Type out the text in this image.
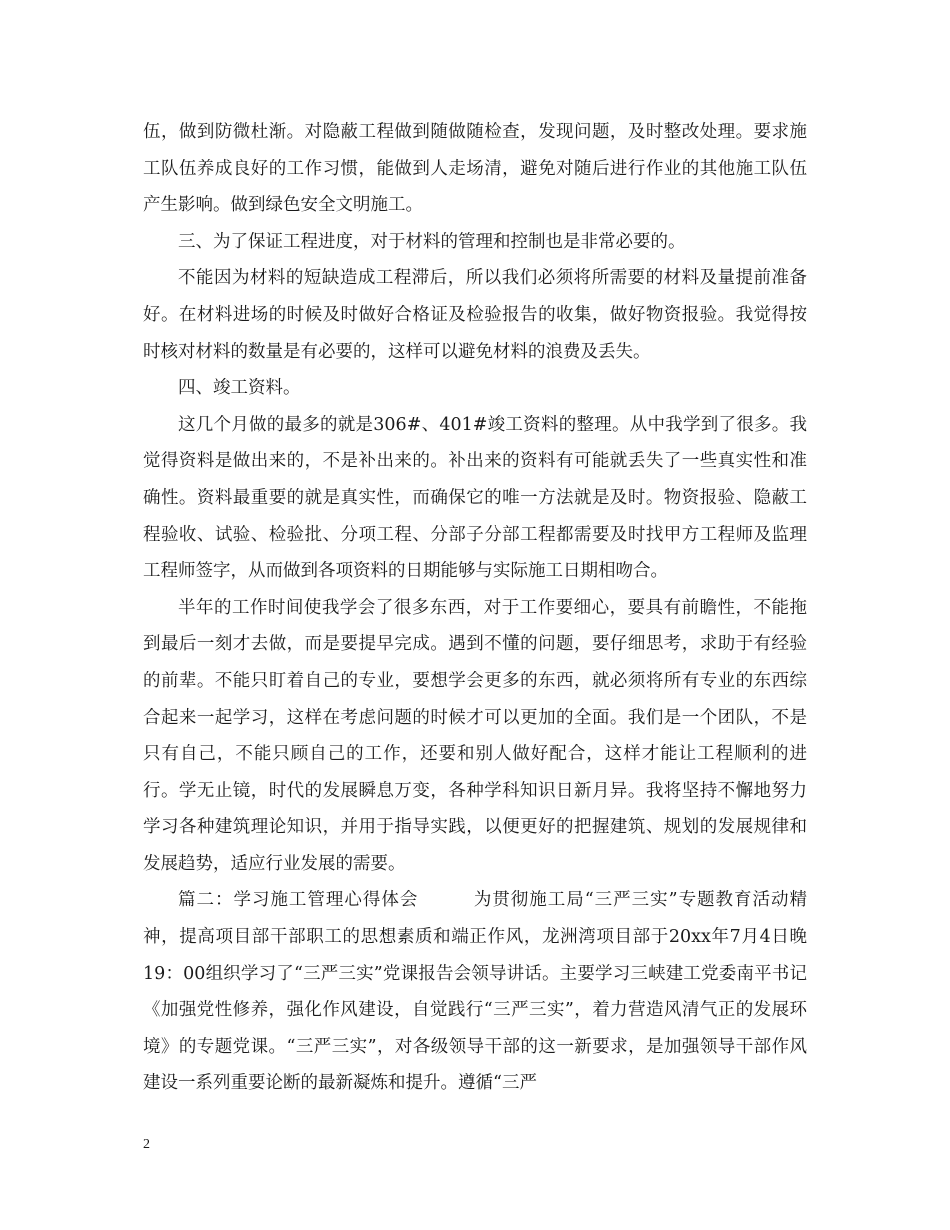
伍，做到防微杜渐。对隐蔽工程做到随做随检查，发现问题，及时整改处理。要求施工队伍养成良好的工作习惯，能做到人走场清，避免对随后进行作业的其他施工队伍产生影响。做到绿色安全文明施工。

三、为了保证工程进度，对于材料的管理和控制也是非常必要的。

不能因为材料的短缺造成工程滞后，所以我们必须将所需要的材料及量提前准备好。在材料进场的时候及时做好合格证及检验报告的收集，做好物资报验。我觉得按时核对材料的数量是有必要的，这样可以避免材料的浪费及丢失。

四、竣工资料。

这几个月做的最多的就是306#、401#竣工资料的整理。从中我学到了很多。我觉得资料是做出来的，不是补出来的。补出来的资料有可能就丢失了一些真实性和准确性。资料最重要的就是真实性，而确保它的唯一方法就是及时。物资报验、隐蔽工程验收、试验、检验批、分项工程、分部子分部工程都需要及时找甲方工程师及监理工程师签字，从而做到各项资料的日期能够与实际施工日期相吻合。

半年的工作时间使我学会了很多东西，对于工作要细心，要具有前瞻性，不能拖到最后一刻才去做，而是要提早完成。遇到不懂的问题，要仔细思考，求助于有经验的前辈。不能只盯着自己的专业，要想学会更多的东西，就必须将所有专业的东西综合起来一起学习，这样在考虑问题的时候才可以更加的全面。我们是一个团队，不是只有自己，不能只顾自己的工作，还要和别人做好配合，这样才能让工程顺利的进行。学无止镜，时代的发展瞬息万变，各种学科知识日新月异。我将坚持不懈地努力学习各种建筑理论知识，并用于指导实践，以便更好的把握建筑、规划的发展规律和发展趋势，适应行业发展的需要。

篇二：学习施工管理心得体会　　　为贯彻施工局“三严三实”专题教育活动精神，提高项目部干部职工的思想素质和端正作风，龙洲湾项目部于20xx年7月4日晚19：00组织学习了“三严三实”党课报告会领导讲话。主要学习三峡建工党委南平书记《加强党性修养，强化作风建设，自觉践行“三严三实”，着力营造风清气正的发展环境》的专题党课。“三严三实”，对各级领导干部的这一新要求，是加强领导干部作风建设一系列重要论断的最新凝炼和提升。遵循“三严

2
